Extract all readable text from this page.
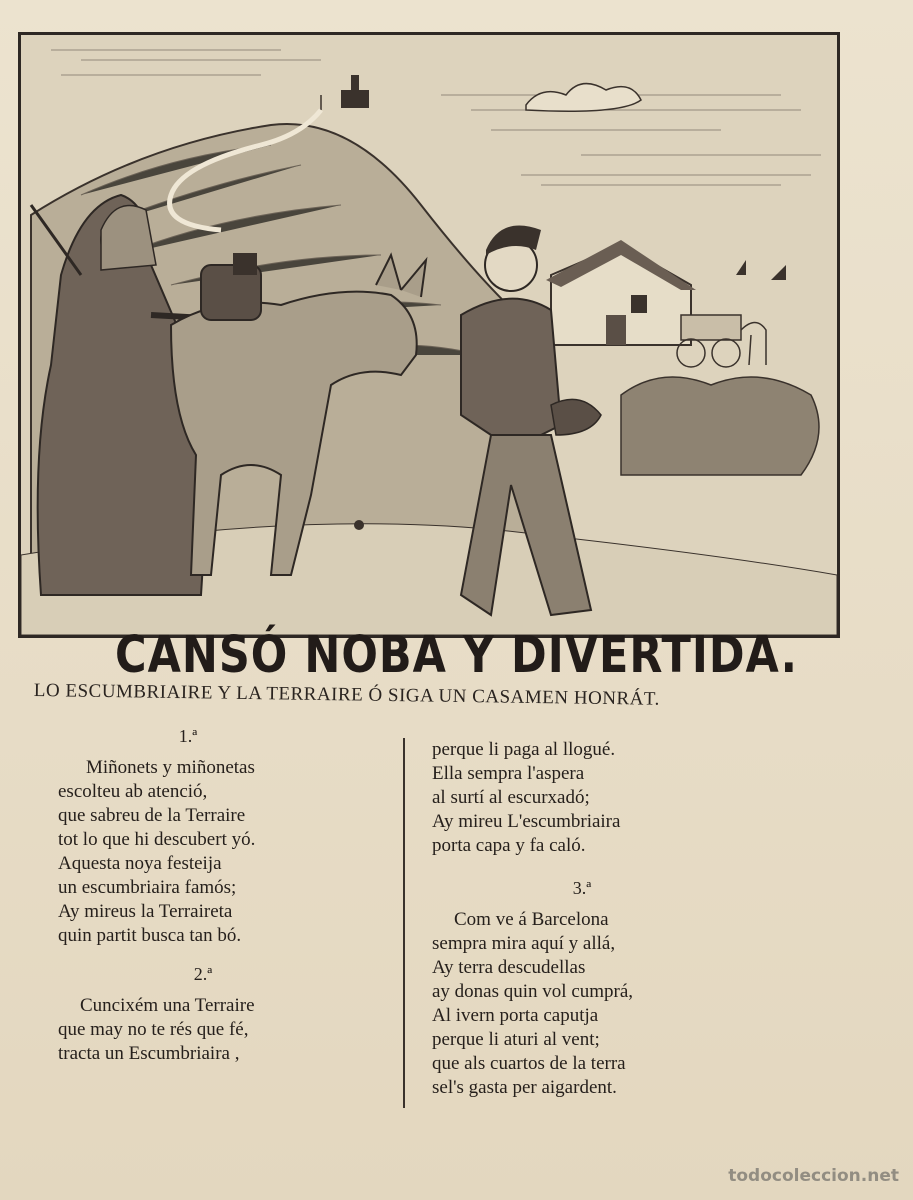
CANSÓ NOBA Y DIVERTIDA.
LO ESCUMBRIAIRE Y LA TERRAIRE Ó SIGA UN CASAMEN HONRÁT.
1.ª
Miñonets y miñonetas
escolteu ab atenció,
que sabreu de la Terraire
tot lo que hi descubert yó.
Aquesta noya festeija
un escumbriaira famós;
Ay mireus la Terraireta
quin partit busca tan bó.
2.ª
Cuncixém una Terraire
que may no te rés que fé,
tracta un Escumbriaira ,
perque li paga al llogué.
Ella sempra l'aspera
al surtí al escurxadó;
Ay mireu L'escumbriaira
porta capa y fa caló.
3.ª
Com ve á Barcelona
sempra mira aquí y allá,
Ay terra descudellas
ay donas quin vol cumprá,
Al ivern porta caputja
perque li aturi al vent;
que als cuartos de la terra
sel's gasta per aigardent.
todocoleccion.net
